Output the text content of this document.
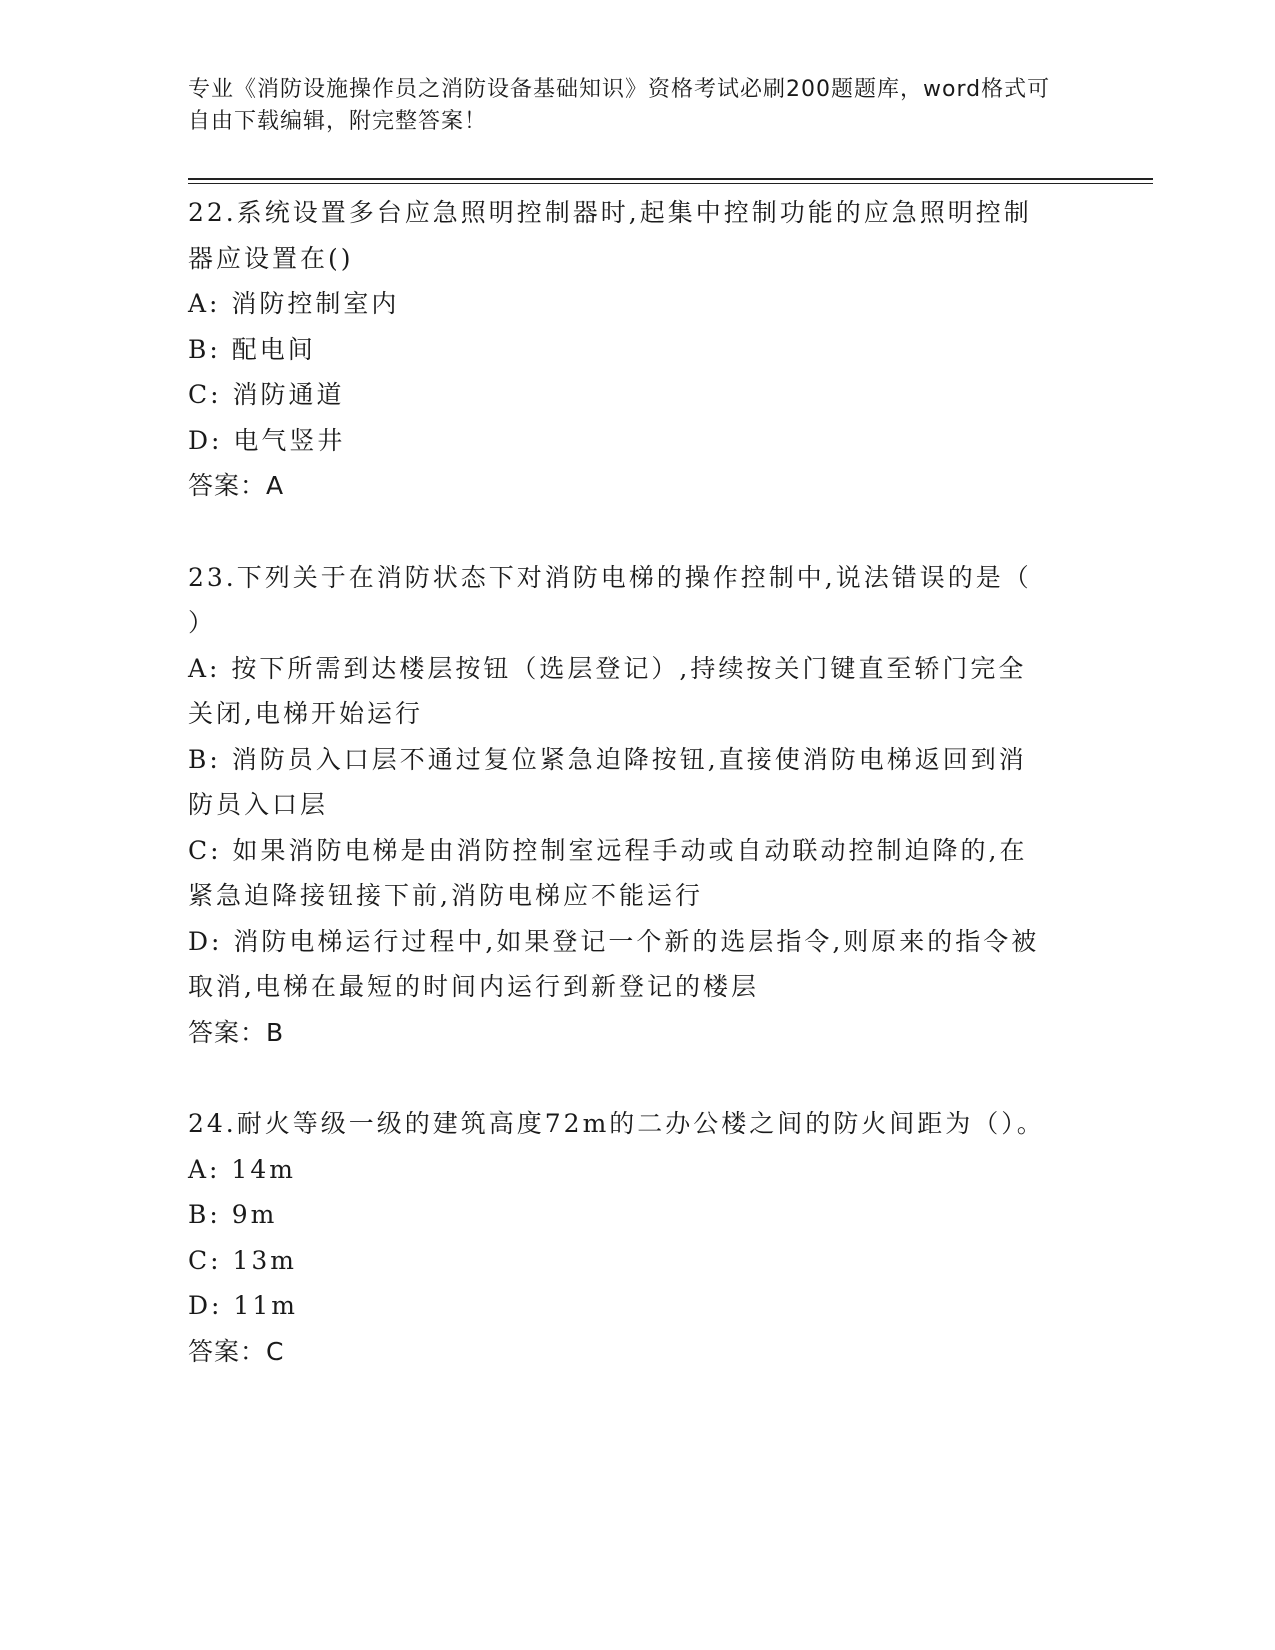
专业《消防设施操作员之消防设备基础知识》资格考试必刷200题题库，word格式可自由下载编辑，附完整答案！
22.系统设置多台应急照明控制器时,起集中控制功能的应急照明控制
器应设置在()
A: 消防控制室内
B: 配电间
C: 消防通道
D: 电气竖井
答案：A
23.下列关于在消防状态下对消防电梯的操作控制中,说法错误的是（
）
A: 按下所需到达楼层按钮（选层登记）,持续按关门键直至轿门完全
关闭,电梯开始运行
B: 消防员入口层不通过复位紧急迫降按钮,直接使消防电梯返回到消
防员入口层
C: 如果消防电梯是由消防控制室远程手动或自动联动控制迫降的,在
紧急迫降接钮接下前,消防电梯应不能运行
D: 消防电梯运行过程中,如果登记一个新的选层指令,则原来的指令被
取消,电梯在最短的时间内运行到新登记的楼层
答案：B
24.耐火等级一级的建筑高度72m的二办公楼之间的防火间距为（）。
A: 14m
B: 9m
C: 13m
D: 11m
答案：C
